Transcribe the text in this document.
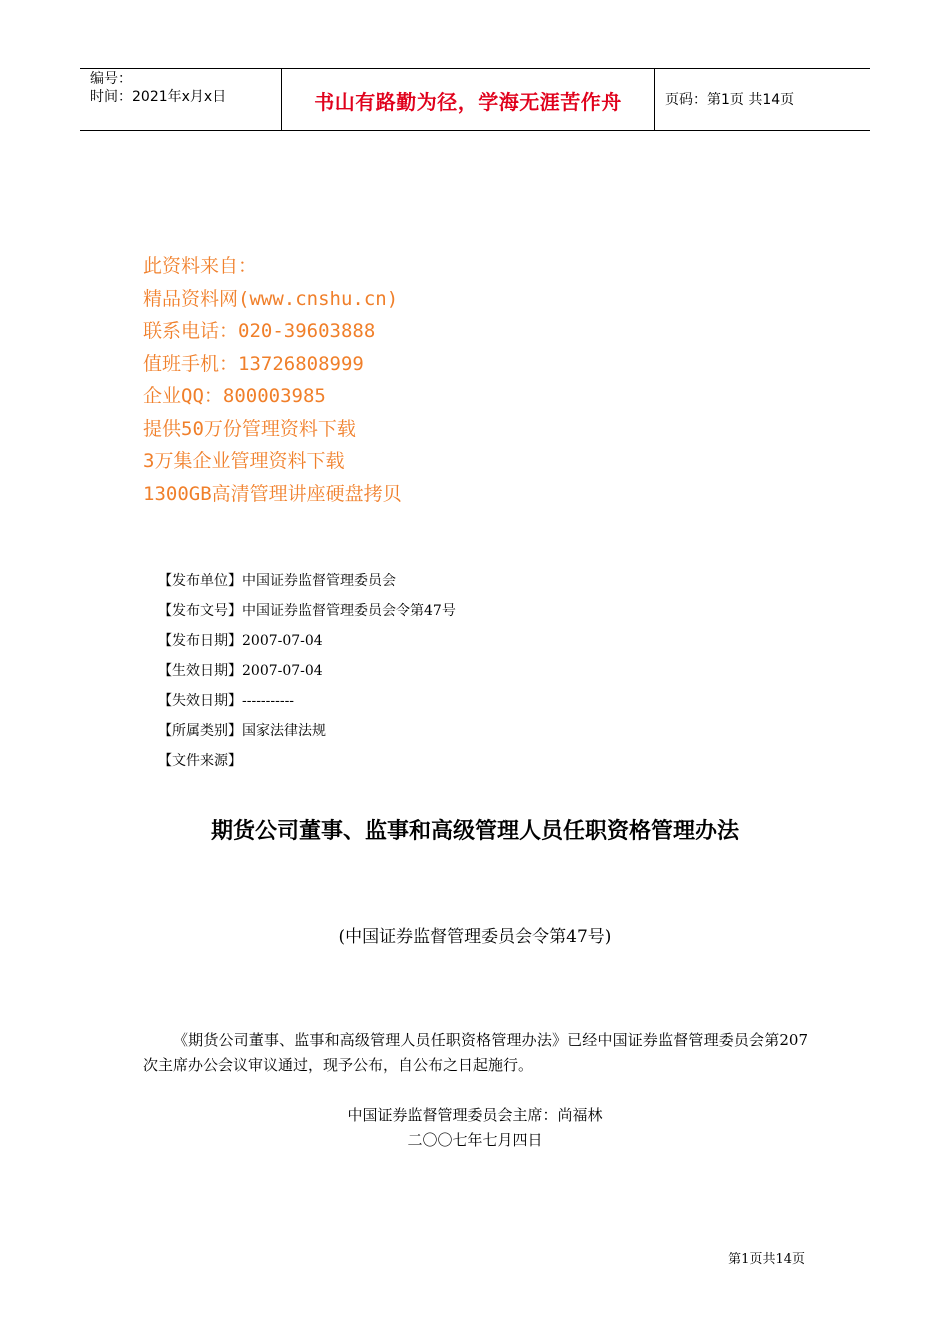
编号：
时间：2021年x月x日	书山有路勤为径，学海无涯苦作舟	页码：第1页 共14页
此资料来自：
精品资料网(www.cnshu.cn)
联系电话：020-39603888
值班手机：13726808999
企业QQ：800003985
提供50万份管理资料下载
3万集企业管理资料下载
1300GB高清管理讲座硬盘拷贝
【发布单位】中国证券监督管理委员会
【发布文号】中国证券监督管理委员会令第47号
【发布日期】2007-07-04
【生效日期】2007-07-04
【失效日期】-----------
【所属类别】国家法律法规
【文件来源】
期货公司董事、监事和高级管理人员任职资格管理办法
(中国证券监督管理委员会令第47号)
《期货公司董事、监事和高级管理人员任职资格管理办法》已经中国证券监督管理委员会第207次主席办公会议审议通过，现予公布，自公布之日起施行。
中国证券监督管理委员会主席：尚福林
二〇〇七年七月四日
第1页共14页
